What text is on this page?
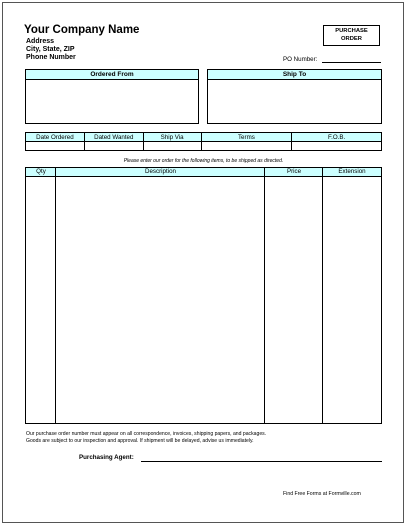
Your Company Name
Address
City, State, ZIP
Phone Number
PURCHASE
ORDER
PO Number:
Ordered From	Ship To
Date Ordered	Dated Wanted	Ship Via	Terms	F.O.B.

Please enter our order for the following items, to be shipped as directed.
Qty	Description	Price	Extension
Our purchase order number must appear on all correspondence, invoices, shipping papers, and packages.
Goods are subject to our inspection and approval. If shipment will be delayed, advise us immediately.
Purchasing Agent:
Find Free Forms at Formville.com
